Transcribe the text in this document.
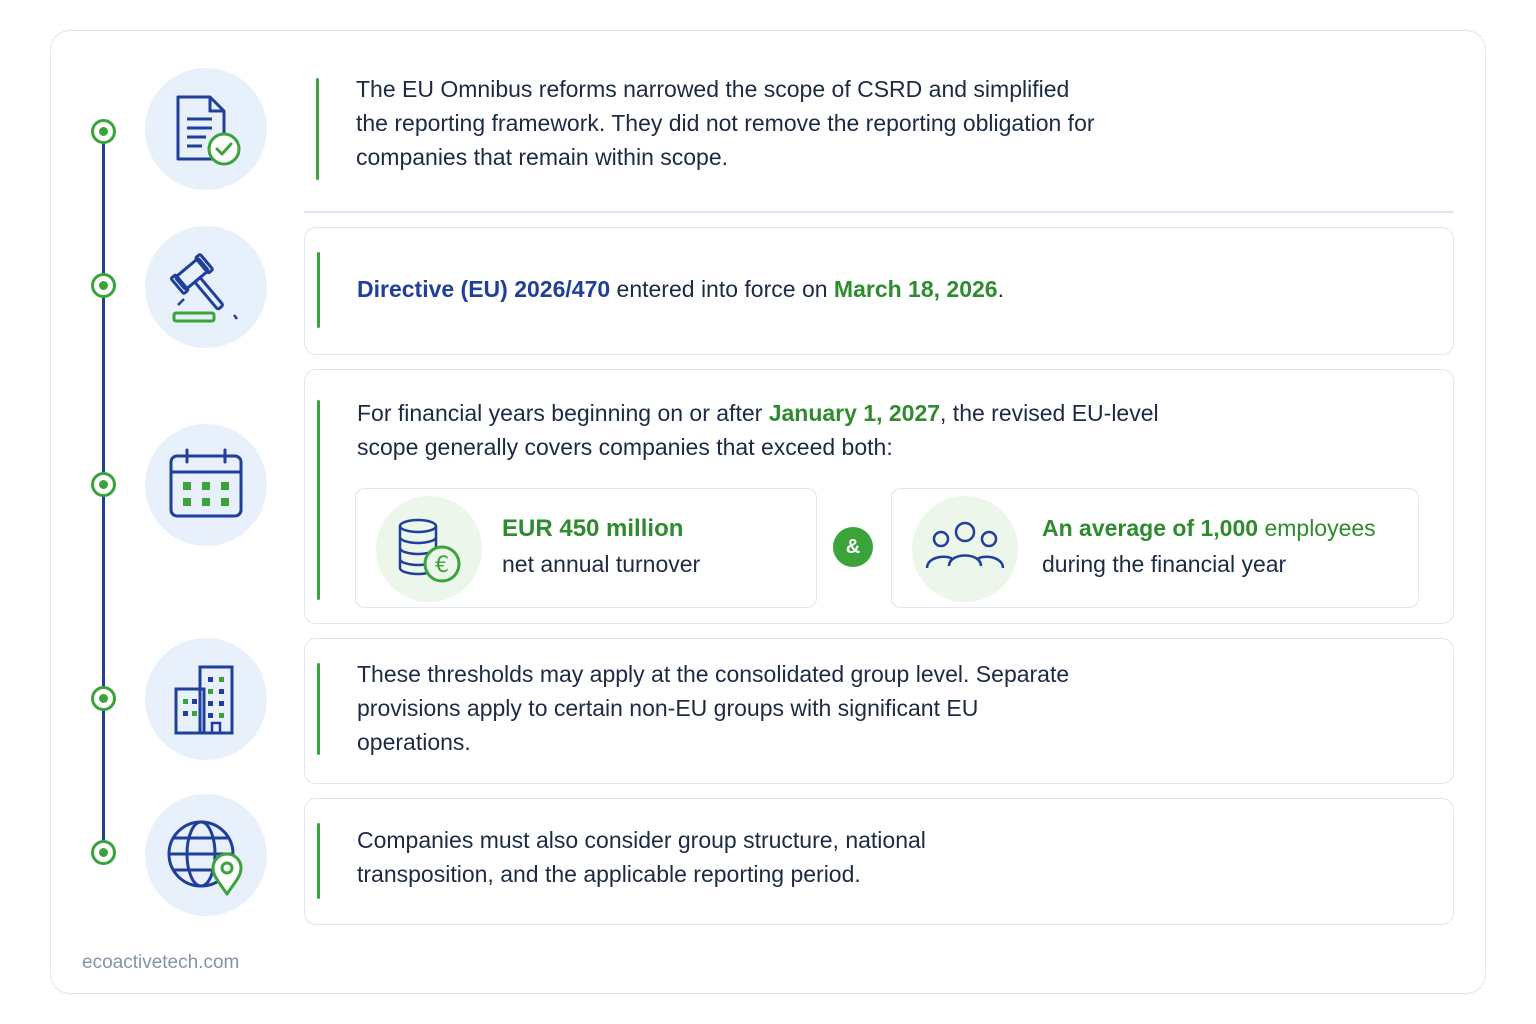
The EU Omnibus reforms narrowed the scope of CSRD and simplified the reporting framework. They did not remove the reporting obligation for companies that remain within scope.
Directive (EU) 2026/470 entered into force on March 18, 2026.
For financial years beginning on or after January 1, 2027, the revised EU-level scope generally covers companies that exceed both:
€
EUR 450 million
net annual turnover
&
An average of 1,000 employees
during the financial year
These thresholds may apply at the consolidated group level. Separate provisions apply to certain non-EU groups with significant EU operations.
Companies must also consider group structure, national transposition, and the applicable reporting period.
ecoactivetech.com
